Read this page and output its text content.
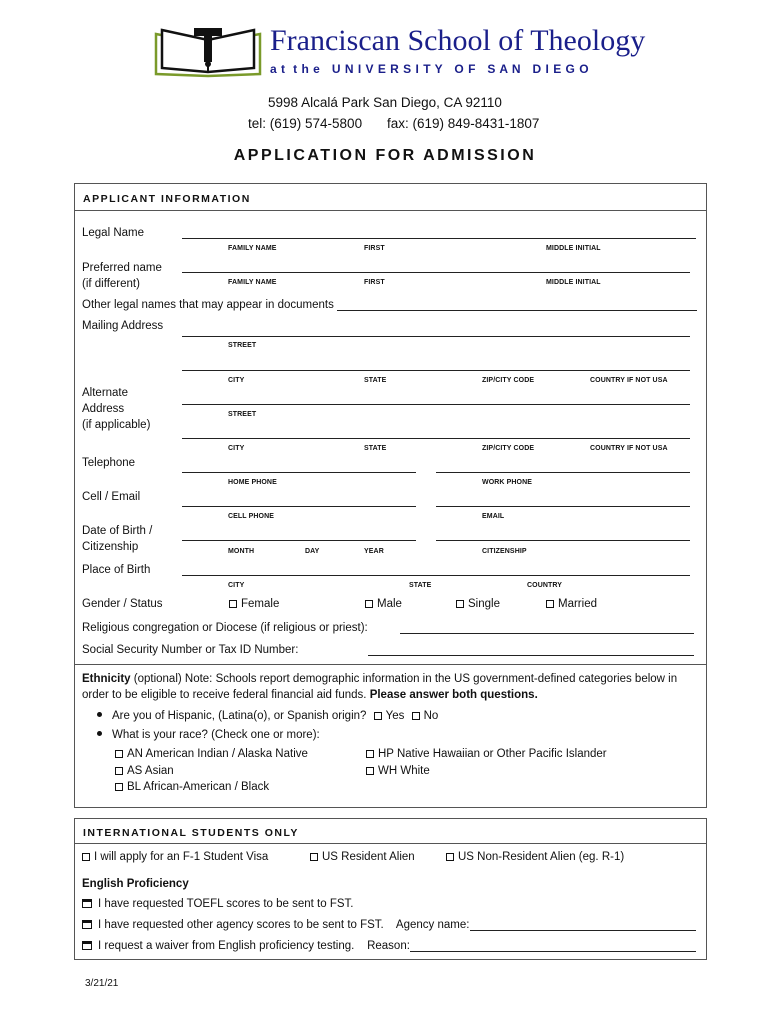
Franciscan School of Theology
a t  t h e   U N I V E R S I T Y   O F   S A N   D I E G O
5998 Alcalá Park San Diego, CA 92110
tel: (619) 574-5800 fax: (619) 849-8431-1807
APPLICATION FOR ADMISSION
APPLICANT INFORMATION
Legal Name
FAMILY NAME	FIRST	MIDDLE INITIAL
Preferred name
(if different)	FAMILY NAME	FIRST	MIDDLE INITIAL
Other legal names that may appear in documents
Mailing Address
STREET
CITY	STATE	ZIP/CITY CODE	COUNTRY IF NOT USA
Alternate
Address
(if applicable)
STREET
CITY	STATE	ZIP/CITY CODE	COUNTRY IF NOT USA
Telephone
HOME PHONE	WORK PHONE
Cell / Email
CELL PHONE	EMAIL
Date of Birth /
Citizenship	MONTH	DAY	YEAR	CITIZENSHIP
Place of Birth
CITY	STATE	COUNTRY
Gender / Status	Female	Male	Single	Married
Religious congregation or Diocese (if religious or priest):
Social Security Number or Tax ID Number:
Ethnicity (optional) Note: Schools report demographic information in the US government-defined categories below in
order to be eligible to receive federal financial aid funds. Please answer both questions.
Are you of Hispanic, (Latina(o), or Spanish origin? Yes No
What is your race? (Check one or more):
AN American Indian / Alaska Native
AS Asian
BL African-American / Black
HP Native Hawaiian or Other Pacific Islander
WH White
INTERNATIONAL STUDENTS ONLY
I will apply for an F-1 Student Visa	US Resident Alien	US Non-Resident Alien (eg. R-1)
English Proficiency
I have requested TOEFL scores to be sent to FST.
I have requested other agency scores to be sent to FST.    Agency name:
I request a waiver from English proficiency testing.    Reason:
3/21/21
